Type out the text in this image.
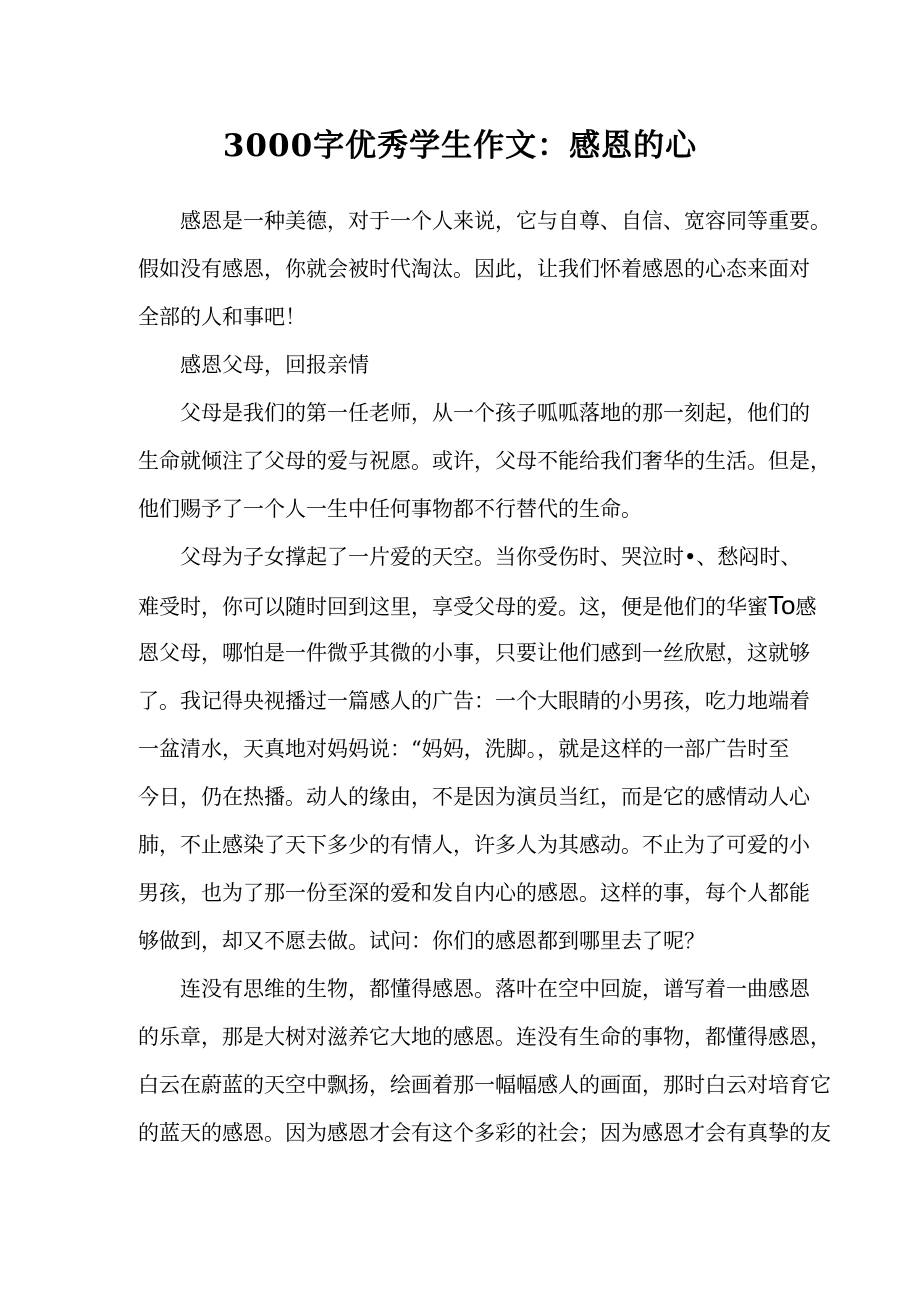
3000字优秀学生作文：感恩的心

感恩是一种美德，对于一个人来说，它与自尊、自信、宽容同等重要。

假如没有感恩，你就会被时代淘汰。因此，让我们怀着感恩的心态来面对

全部的人和事吧！

感恩父母，回报亲情

父母是我们的第一任老师，从一个孩子呱呱落地的那一刻起，他们的

生命就倾注了父母的爱与祝愿。或许，父母不能给我们奢华的生活。但是，

他们赐予了一个人一生中任何事物都不行替代的生命。

父母为子女撑起了一片爱的天空。当你受伤时、哭泣时•、愁闷时、

难受时，你可以随时回到这里，享受父母的爱。这，便是他们的华蜜To感

恩父母，哪怕是一件微乎其微的小事，只要让他们感到一丝欣慰，这就够

了。我记得央视播过一篇感人的广告：一个大眼睛的小男孩，吃力地端着

一盆清水，天真地对妈妈说：“妈妈，洗脚。，就是这样的一部广告时至

今日，仍在热播。动人的缘由，不是因为演员当红，而是它的感情动人心

肺，不止感染了天下多少的有情人，许多人为其感动。不止为了可爱的小

男孩，也为了那一份至深的爱和发自内心的感恩。这样的事，每个人都能

够做到，却又不愿去做。试问：你们的感恩都到哪里去了呢？

连没有思维的生物，都懂得感恩。落叶在空中回旋，谱写着一曲感恩

的乐章，那是大树对滋养它大地的感恩。连没有生命的事物，都懂得感恩，

白云在蔚蓝的天空中飘扬，绘画着那一幅幅感人的画面，那时白云对培育它

的蓝天的感恩。因为感恩才会有这个多彩的社会；因为感恩才会有真挚的友
